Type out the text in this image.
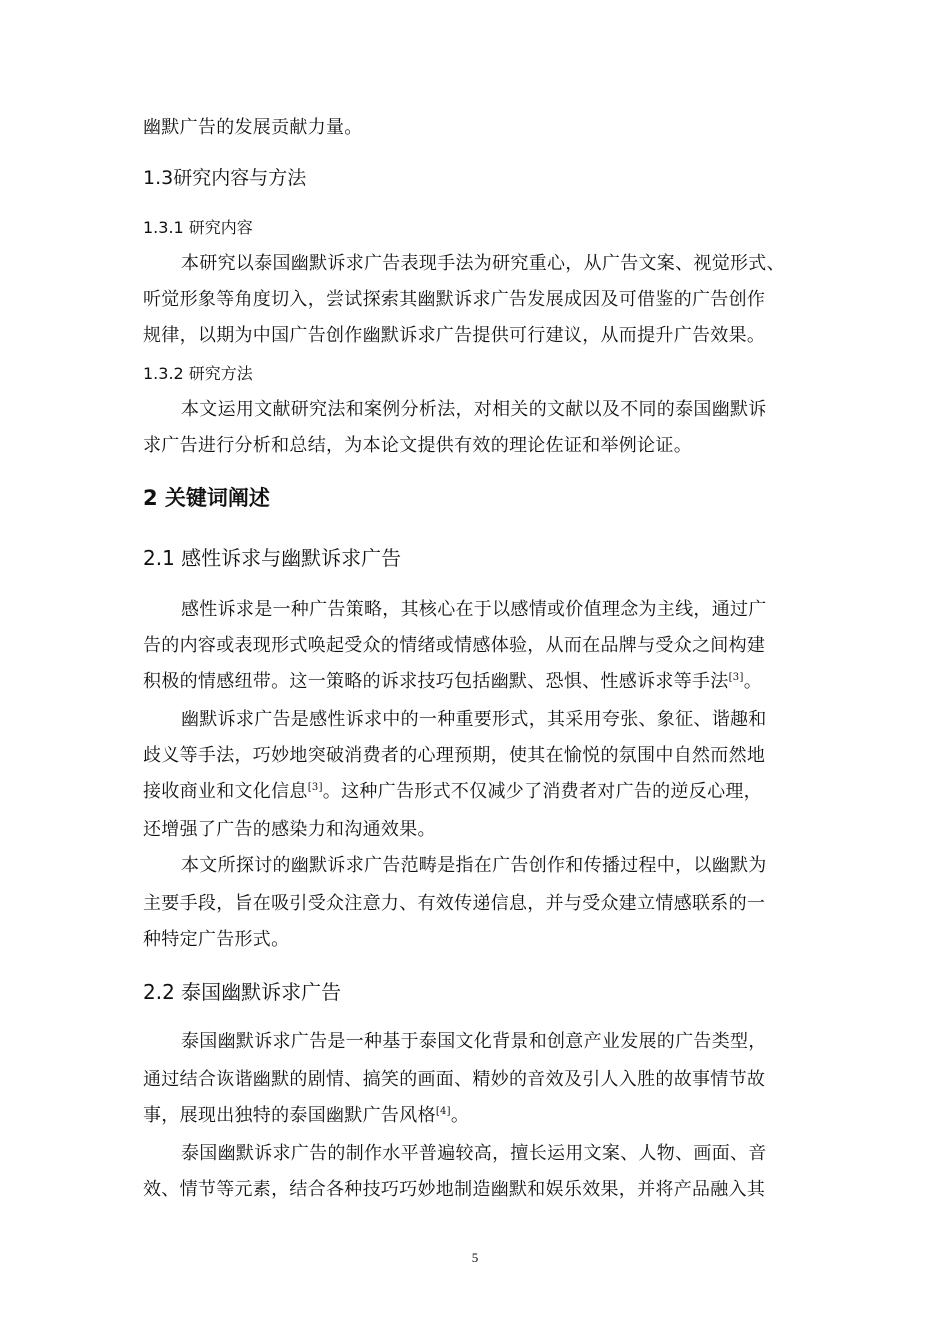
幽默广告的发展贡献力量。
1.3研究内容与方法
1.3.1 研究内容
本研究以泰国幽默诉求广告表现手法为研究重心，从广告文案、视觉形式、
听觉形象等角度切入，尝试探索其幽默诉求广告发展成因及可借鉴的广告创作
规律，以期为中国广告创作幽默诉求广告提供可行建议，从而提升广告效果。
1.3.2 研究方法
本文运用文献研究法和案例分析法，对相关的文献以及不同的泰国幽默诉
求广告进行分析和总结，为本论文提供有效的理论佐证和举例论证。
2 关键词阐述
2.1 感性诉求与幽默诉求广告
感性诉求是一种广告策略，其核心在于以感情或价值理念为主线，通过广
告的内容或表现形式唤起受众的情绪或情感体验，从而在品牌与受众之间构建
积极的情感纽带。这一策略的诉求技巧包括幽默、恐惧、性感诉求等手法[3]。
幽默诉求广告是感性诉求中的一种重要形式，其采用夸张、象征、谐趣和
歧义等手法，巧妙地突破消费者的心理预期，使其在愉悦的氛围中自然而然地
接收商业和文化信息[3]。这种广告形式不仅减少了消费者对广告的逆反心理，
还增强了广告的感染力和沟通效果。
本文所探讨的幽默诉求广告范畴是指在广告创作和传播过程中，以幽默为
主要手段，旨在吸引受众注意力、有效传递信息，并与受众建立情感联系的一
种特定广告形式。
2.2 泰国幽默诉求广告
泰国幽默诉求广告是一种基于泰国文化背景和创意产业发展的广告类型，
通过结合诙谐幽默的剧情、搞笑的画面、精妙的音效及引人入胜的故事情节故
事，展现出独特的泰国幽默广告风格[4]。
泰国幽默诉求广告的制作水平普遍较高，擅长运用文案、人物、画面、音
效、情节等元素，结合各种技巧巧妙地制造幽默和娱乐效果，并将产品融入其
5
